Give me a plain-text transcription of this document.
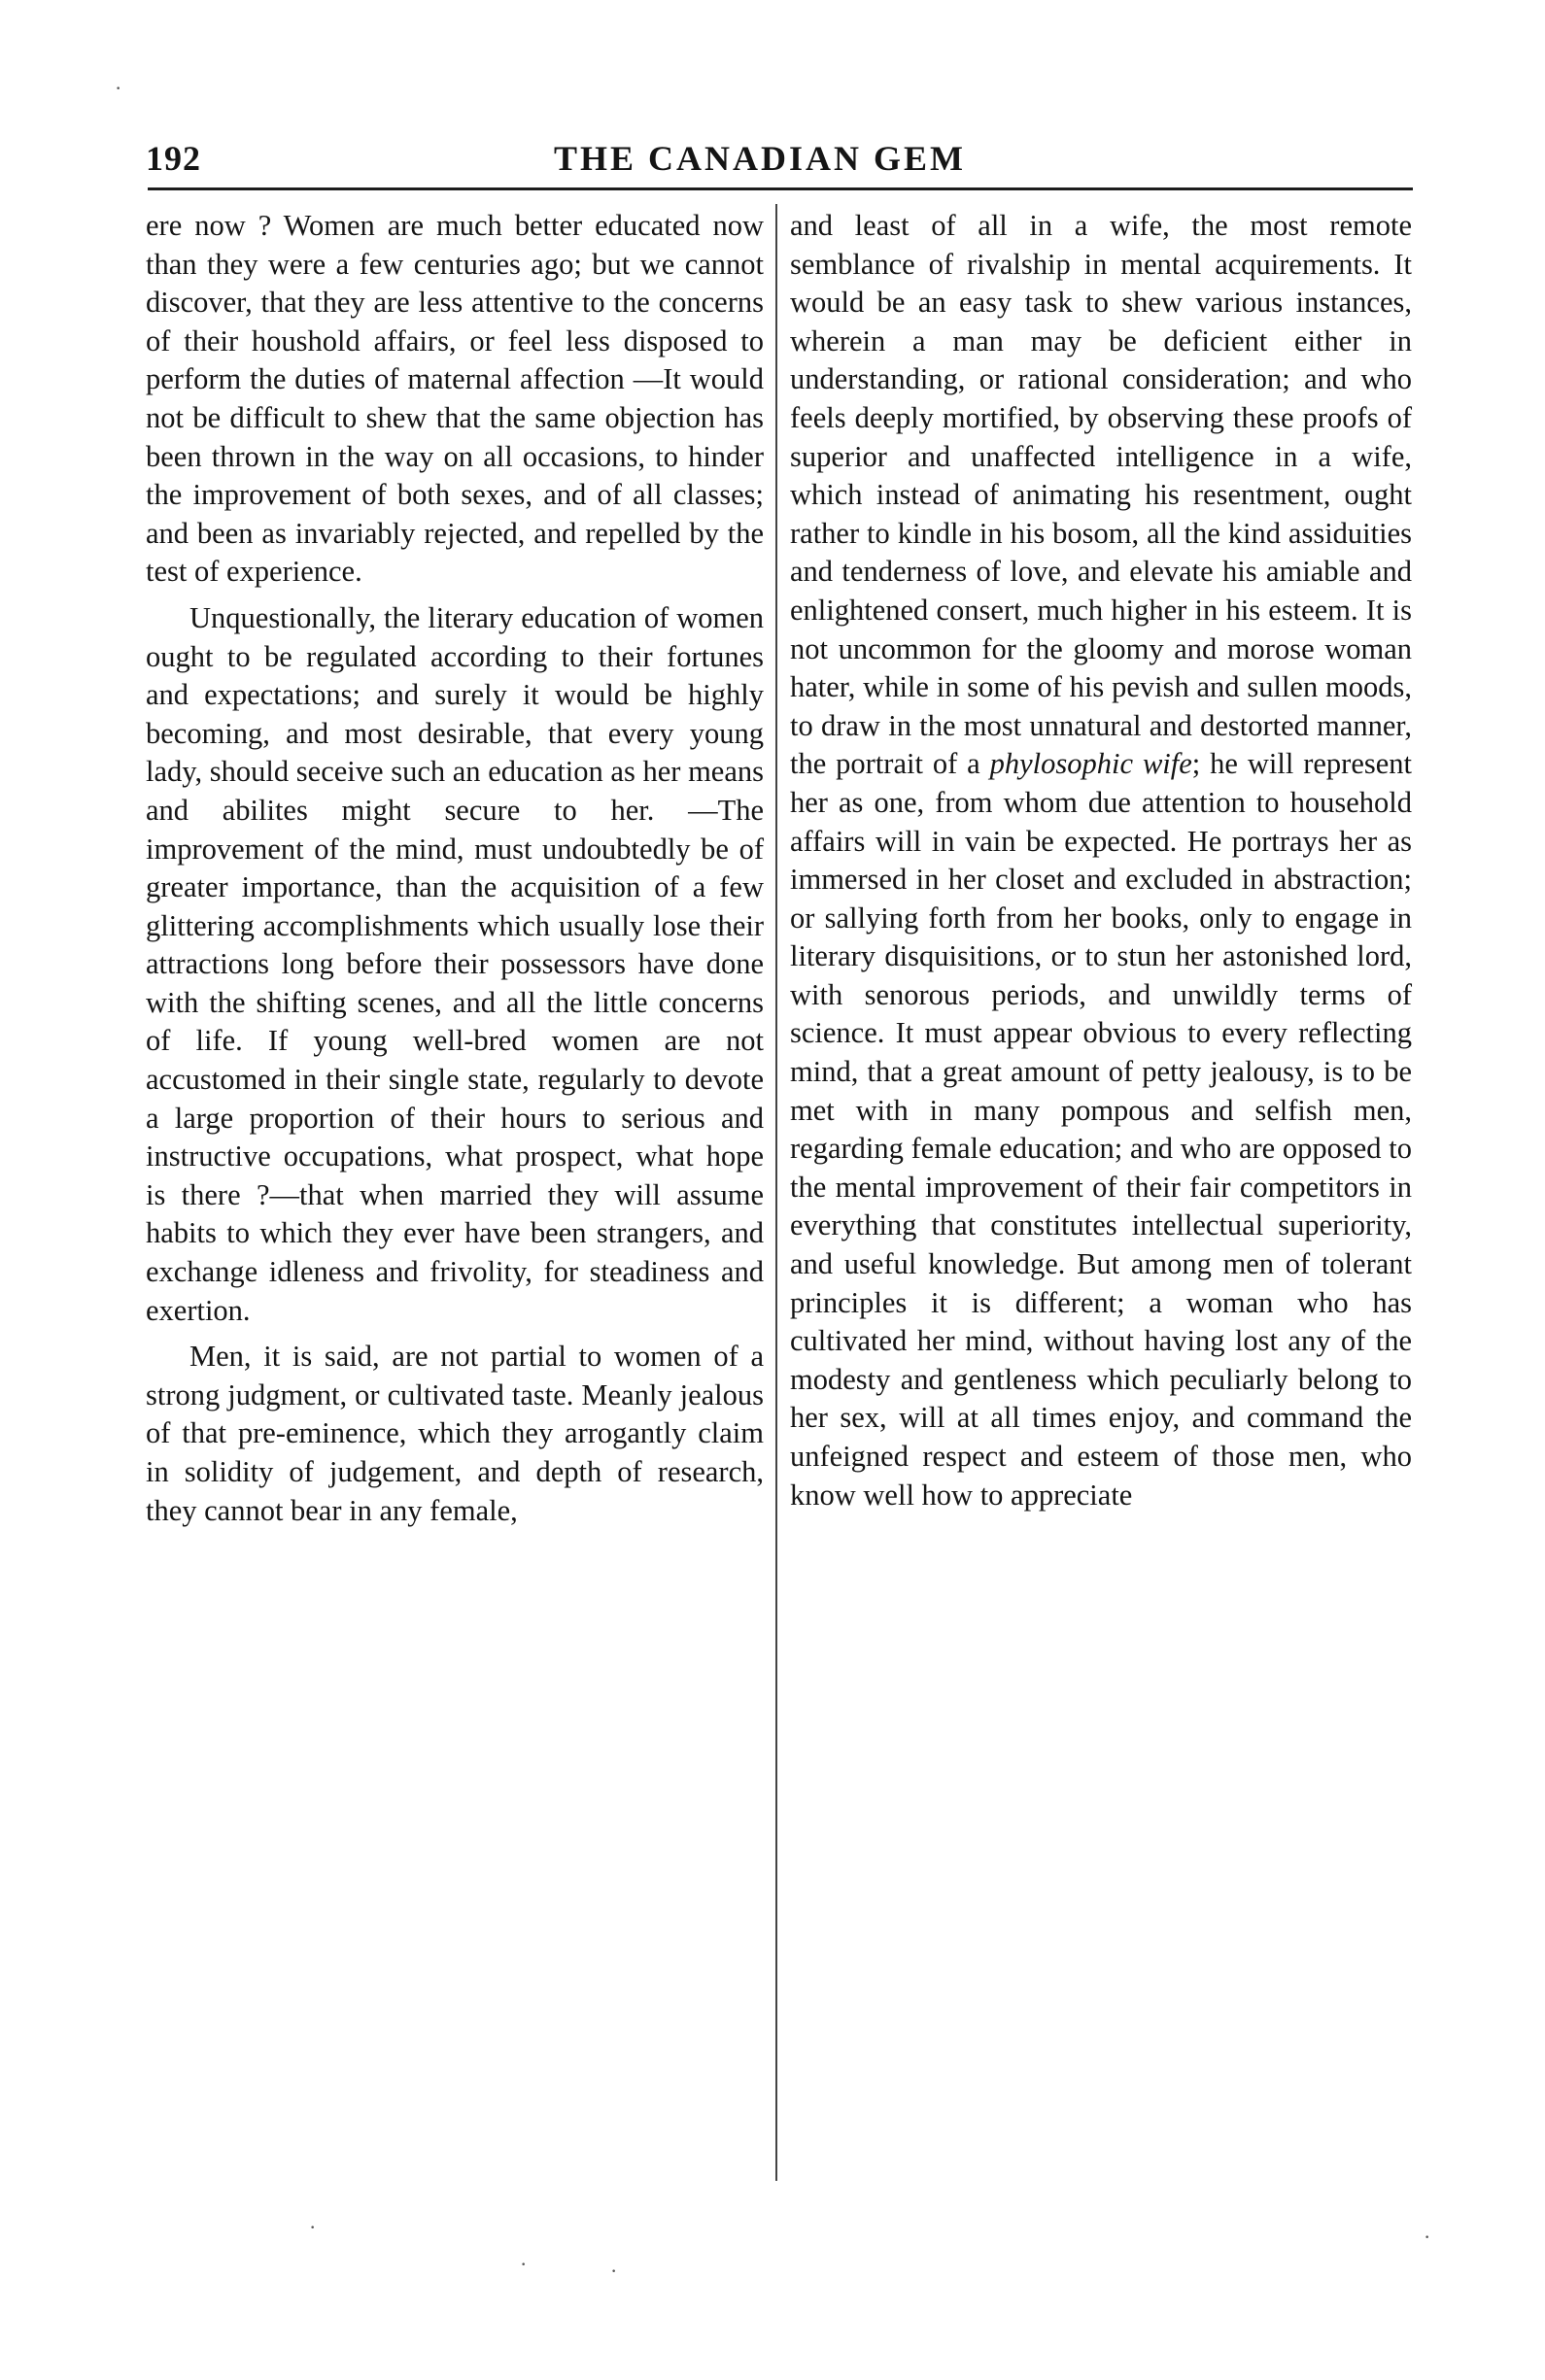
192	THE CANADIAN GEM

ere now ? Women are much better educated now than they were a few centuries ago; but we cannot discover, that they are less attentive to the concerns of their houshold affairs, or feel less disposed to perform the duties of maternal affection —It would not be difficult to shew that the same objection has been thrown in the way on all occasions, to hinder the improvement of both sexes, and of all classes; and been as invariably rejected, and repelled by the test of experience.

Unquestionally, the literary education of women ought to be regulated according to their fortunes and expectations; and surely it would be highly becoming, and most desirable, that every young lady, should seceive such an education as her means and abilites might secure to her. —The improvement of the mind, must undoubtedly be of greater importance, than the acquisition of a few glittering accomplishments which usually lose their attractions long before their possessors have done with the shifting scenes, and all the little concerns of life. If young well-bred women are not accustomed in their single state, regularly to devote a large proportion of their hours to serious and instructive occupations, what prospect, what hope is there ?—that when married they will assume habits to which they ever have been strangers, and exchange idleness and frivolity, for steadiness and exertion.

Men, it is said, are not partial to women of a strong judgment, or cultivated taste. Meanly jealous of that pre-eminence, which they arrogantly claim in solidity of judgement, and depth of research, they cannot bear in any female,

and least of all in a wife, the most remote semblance of rivalship in mental acquirements. It would be an easy task to shew various instances, wherein a man may be deficient either in understanding, or rational consideration; and who feels deeply mortified, by observing these proofs of superior and unaffected intelligence in a wife, which instead of animating his resentment, ought rather to kindle in his bosom, all the kind assiduities and tenderness of love, and elevate his amiable and enlightened consert, much higher in his esteem. It is not uncommon for the gloomy and morose woman hater, while in some of his pevish and sullen moods, to draw in the most unnatural and destorted manner, the portrait of a phylosophic wife; he will represent her as one, from whom due attention to household affairs will in vain be expected. He portrays her as immersed in her closet and excluded in abstraction; or sallying forth from her books, only to engage in literary disquisitions, or to stun her astonished lord, with senorous periods, and unwildly terms of science. It must appear obvious to every reflecting mind, that a great amount of petty jealousy, is to be met with in many pompous and selfish men, regarding female education; and who are opposed to the mental improvement of their fair competitors in everything that constitutes intellectual superiority, and useful knowledge. But among men of tolerant principles it is different; a woman who has cultivated her mind, without having lost any of the modesty and gentleness which peculiarly belong to her sex, will at all times enjoy, and command the unfeigned respect and esteem of those men, who know well how to appreciate

·
·
·	·
·
